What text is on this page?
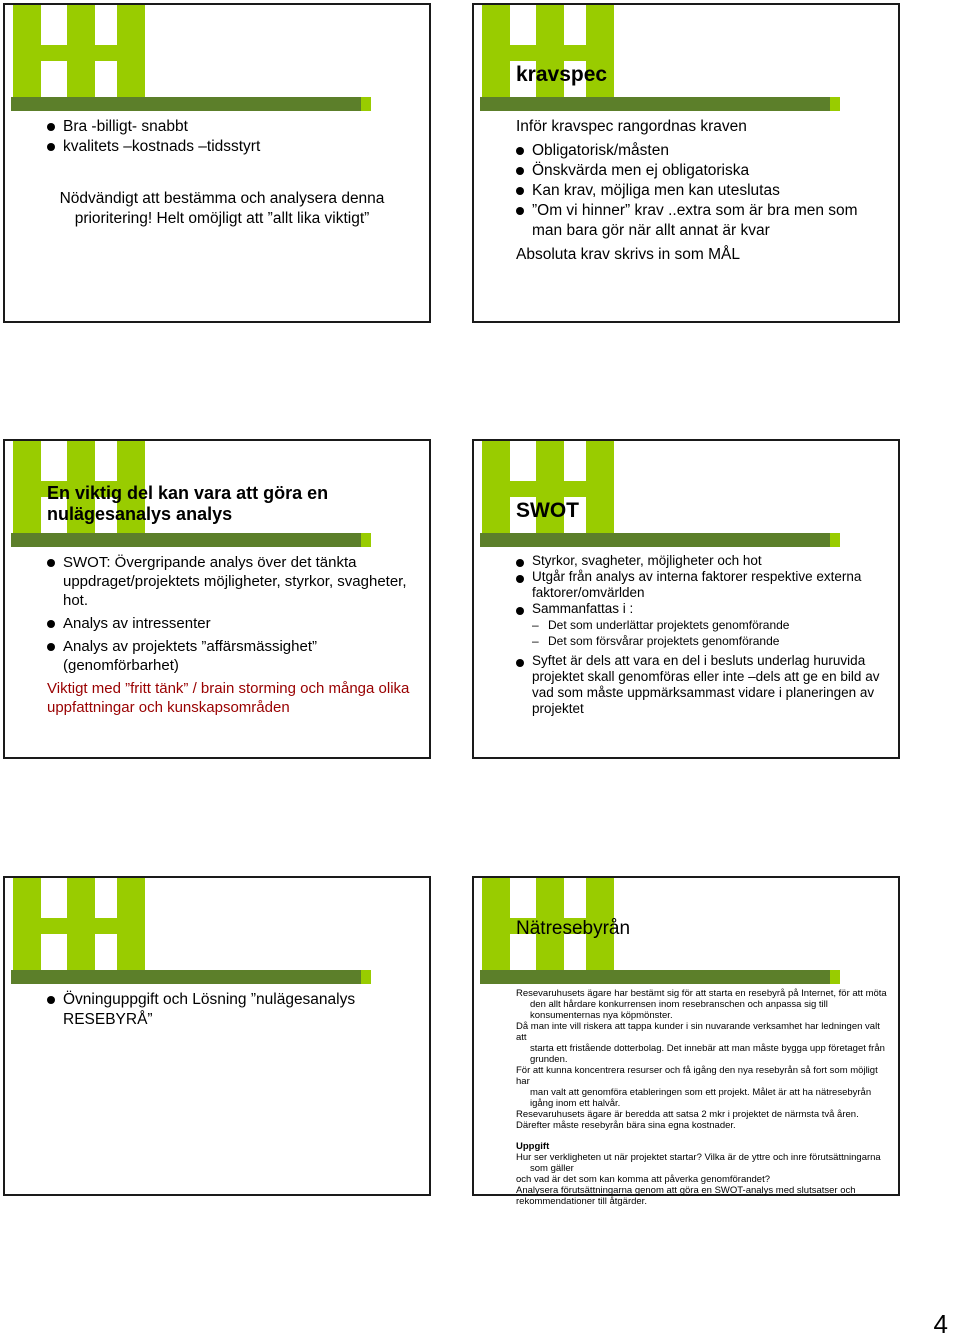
Bra -billigt- snabbt
kvalitets –kostnads –tidsstyrt
Nödvändigt att bestämma och analysera denna prioritering! Helt omöjligt att ”allt lika viktigt”
kravspec
Inför kravspec rangordnas kraven
Obligatorisk/måsten
Önskvärda men ej obligatoriska
Kan krav, möjliga men kan uteslutas
”Om vi hinner” krav ..extra som är bra men som man bara gör när allt annat är kvar
Absoluta krav skrivs in som MÅL
En viktig del kan vara att göra en nulägesanalys analys
SWOT: Övergripande analys över det tänkta uppdraget/projektets möjligheter, styrkor, svagheter, hot.
Analys av intressenter
Analys av projektets ”affärsmässighet” (genomförbarhet)
Viktigt med ”fritt tänk” / brain storming och många olika uppfattningar och kunskapsområden
SWOT
Styrkor, svagheter, möjligheter och hot
Utgår från analys av interna faktorer respektive externa faktorer/omvärlden
Sammanfattas i :
– Det som underlättar projektets genomförande
– Det som försvårar projektets genomförande
Syftet är dels att vara en del i besluts underlag huruvida projektet skall genomföras eller inte –dels att ge en bild av vad som måste uppmärksammast vidare i planeringen av projektet
Övninguppgift och Lösning ”nulägesanalys RESEBYRÅ”
Nätresebyrån
Resevaruhusets ägare har bestämt sig för att starta en resebyrå på Internet, för att möta
den allt hårdare konkurrensen inom resebranschen och anpassa sig till konsumenternas nya köpmönster.
Då man inte vill riskera att tappa kunder i sin nuvarande verksamhet har ledningen valt att
starta ett fristående dotterbolag. Det innebär att man måste bygga upp företaget från grunden.
För att kunna koncentrera resurser och få igång den nya resebyrån så fort som möjligt har
man valt att genomföra etableringen som ett projekt. Målet är att ha nätresebyrån igång inom ett halvår.
Resevaruhusets ägare är beredda att satsa 2 mkr i projektet de närmsta två åren.
Därefter måste resebyrån bära sina egna kostnader.
Uppgift
Hur ser verkligheten ut när projektet startar? Vilka är de yttre och inre förutsättningarna
som gäller
och vad är det som kan komma att påverka genomförandet?
Analysera förutsättningarna genom att göra en SWOT-analys med slutsatser och
rekommendationer till åtgärder.
4
